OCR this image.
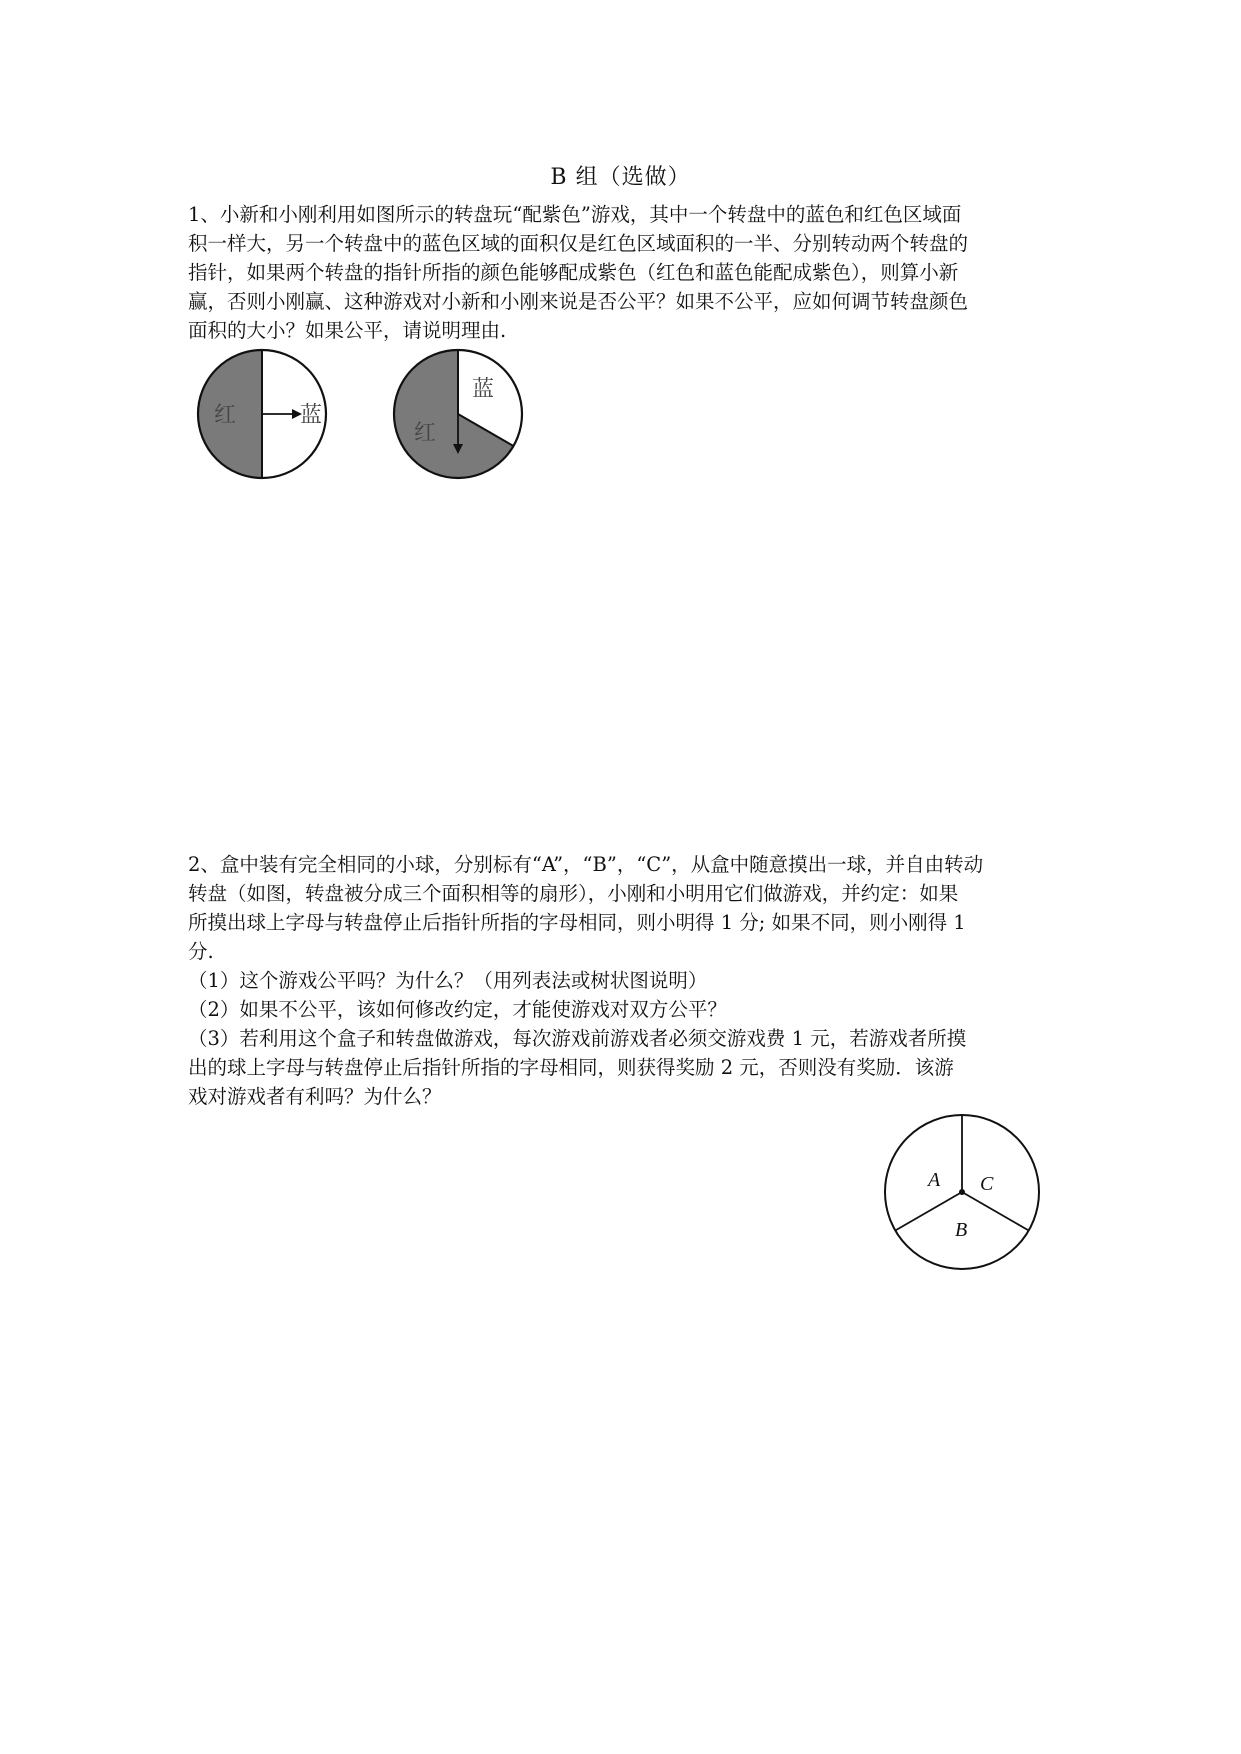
B 组（选做）

1、小新和小刚利用如图所示的转盘玩“配紫色”游戏，其中一个转盘中的蓝色和红色区域面

积一样大，另一个转盘中的蓝色区域的面积仅是红色区域面积的一半、分别转动两个转盘的

指针，如果两个转盘的指针所指的颜色能够配成紫色（红色和蓝色能配成紫色），则算小新

赢，否则小刚赢、这种游戏对小新和小刚来说是否公平？如果不公平，应如何调节转盘颜色

面积的大小？如果公平，请说明理由.

红	蓝
蓝
红

2、盒中装有完全相同的小球，分别标有“A”，“B”，“C”，从盒中随意摸出一球，并自由转动

转盘（如图，转盘被分成三个面积相等的扇形），小刚和小明用它们做游戏，并约定：如果

所摸出球上字母与转盘停止后指针所指的字母相同，则小明得 1 分; 如果不同，则小刚得 1

分.

（1）这个游戏公平吗？为什么？（用列表法或树状图说明）

（2）如果不公平，该如何修改约定，才能使游戏对双方公平？

（3）若利用这个盒子和转盘做游戏，每次游戏前游戏者必须交游戏费 1 元，若游戏者所摸

出的球上字母与转盘停止后指针所指的字母相同，则获得奖励 2 元，否则没有奖励．该游

戏对游戏者有利吗？为什么？

A C
B
